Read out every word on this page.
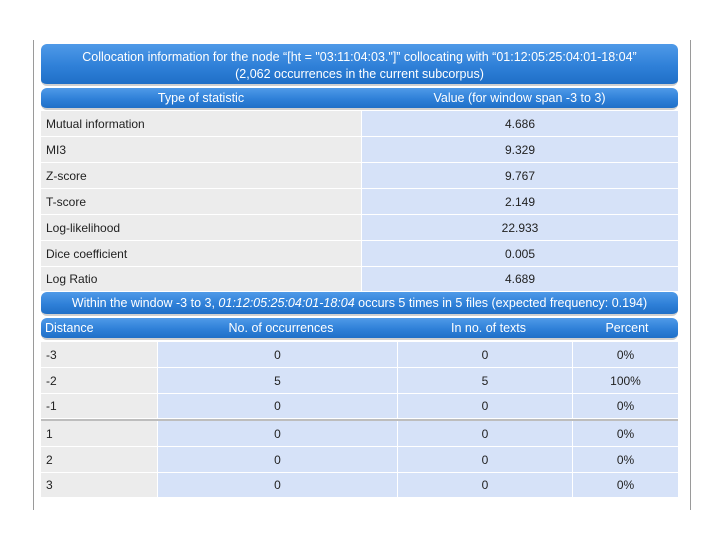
Collocation information for the node “[ht = "03:11:04:03."]” collocating with “01:12:05:25:04:01-18:04”
(2,062 occurrences in the current subcorpus)
Type of statistic	Value (for window span -3 to 3)
Mutual information	4.686
MI3	9.329
Z-score	9.767
T-score	2.149
Log-likelihood	22.933
Dice coefficient	0.005
Log Ratio	4.689
Within the window -3 to 3,
01:12:05:25:04:01-18:04
occurs 5 times in 5 files (expected frequency: 0.194)
Distance	No. of occurrences	In no. of texts	Percent
-3	0	0	0%
-2	5	5	100%
-1	0	0	0%
1	0	0	0%
2	0	0	0%
3	0	0	0%
